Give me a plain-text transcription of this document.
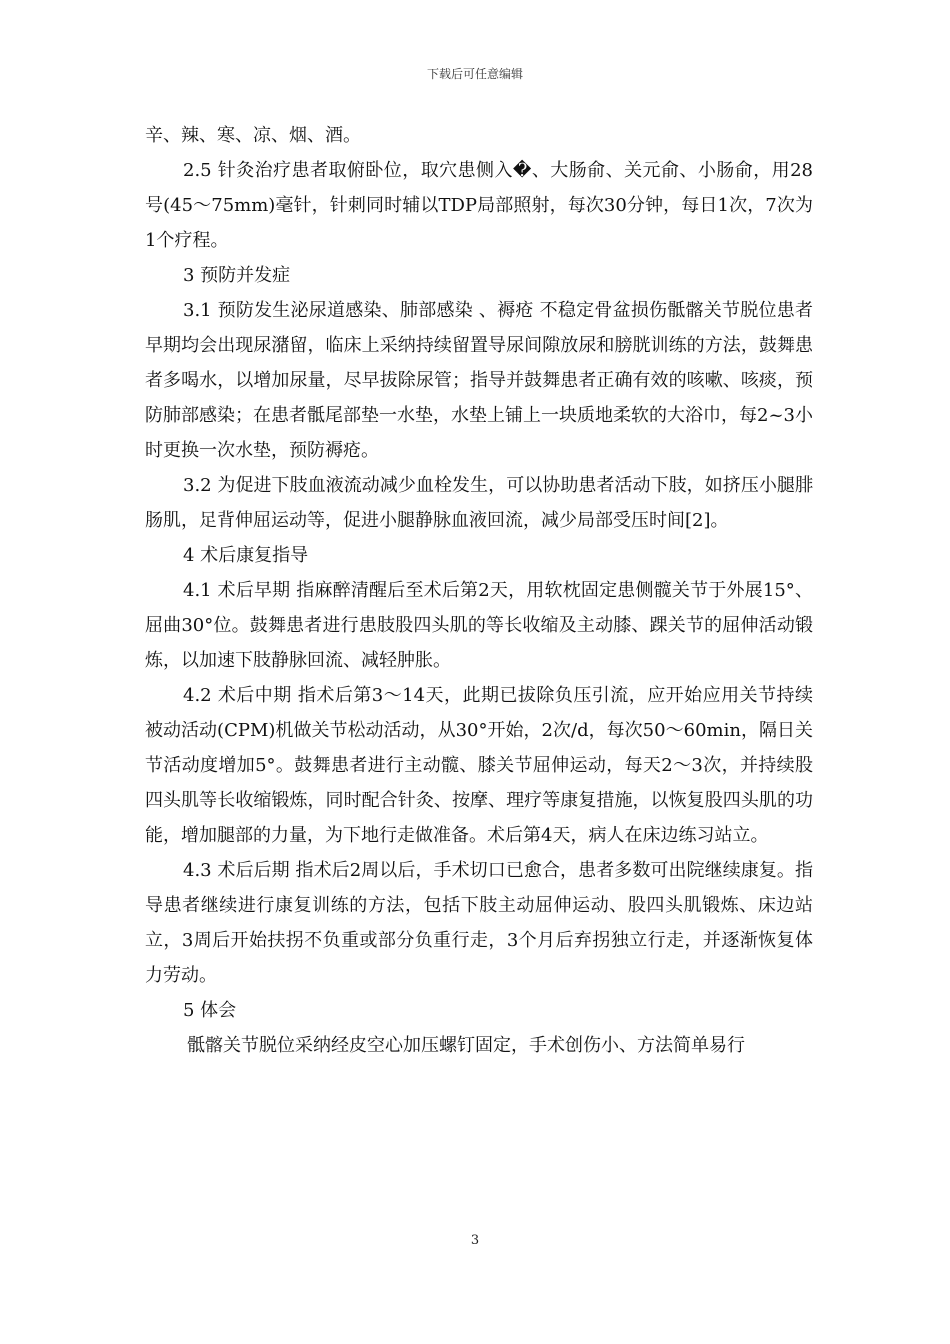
下载后可任意编辑

辛、辣、寒、凉、烟、酒。

2.5 针灸治疗患者取俯卧位，取穴患侧入�、大肠俞、关元俞、小肠俞，用28号(45～75mm)毫针，针刺同时辅以TDP局部照射，每次30分钟，每日1次，7次为1个疗程。

3 预防并发症

3.1 预防发生泌尿道感染、肺部感染 、褥疮 不稳定骨盆损伤骶髂关节脱位患者早期均会出现尿潴留，临床上采纳持续留置导尿间隙放尿和膀胱训练的方法，鼓舞患者多喝水，以增加尿量，尽早拔除尿管；指导并鼓舞患者正确有效的咳嗽、咳痰，预防肺部感染；在患者骶尾部垫一水垫，水垫上铺上一块质地柔软的大浴巾，每2~3小时更换一次水垫，预防褥疮。

3.2 为促进下肢血液流动减少血栓发生，可以协助患者活动下肢，如挤压小腿腓肠肌，足背伸屈运动等，促进小腿静脉血液回流，减少局部受压时间[2]。

4 术后康复指导

4.1 术后早期 指麻醉清醒后至术后第2天，用软枕固定患侧髋关节于外展15°、屈曲30°位。鼓舞患者进行患肢股四头肌的等长收缩及主动膝、踝关节的屈伸活动锻炼，以加速下肢静脉回流、减轻肿胀。

4.2 术后中期 指术后第3～14天，此期已拔除负压引流，应开始应用关节持续被动活动(CPM)机做关节松动活动，从30°开始，2次/d，每次50～60min，隔日关节活动度增加5°。鼓舞患者进行主动髋、膝关节屈伸运动，每天2～3次，并持续股四头肌等长收缩锻炼，同时配合针灸、按摩、理疗等康复措施，以恢复股四头肌的功能，增加腿部的力量，为下地行走做准备。术后第4天，病人在床边练习站立。

4.3 术后后期 指术后2周以后，手术切口已愈合，患者多数可出院继续康复。指导患者继续进行康复训练的方法，包括下肢主动屈伸运动、股四头肌锻炼、床边站立，3周后开始扶拐不负重或部分负重行走，3个月后弃拐独立行走，并逐渐恢复体力劳动。

5 体会

骶髂关节脱位采纳经皮空心加压螺钉固定，手术创伤小、方法简单易行

3
